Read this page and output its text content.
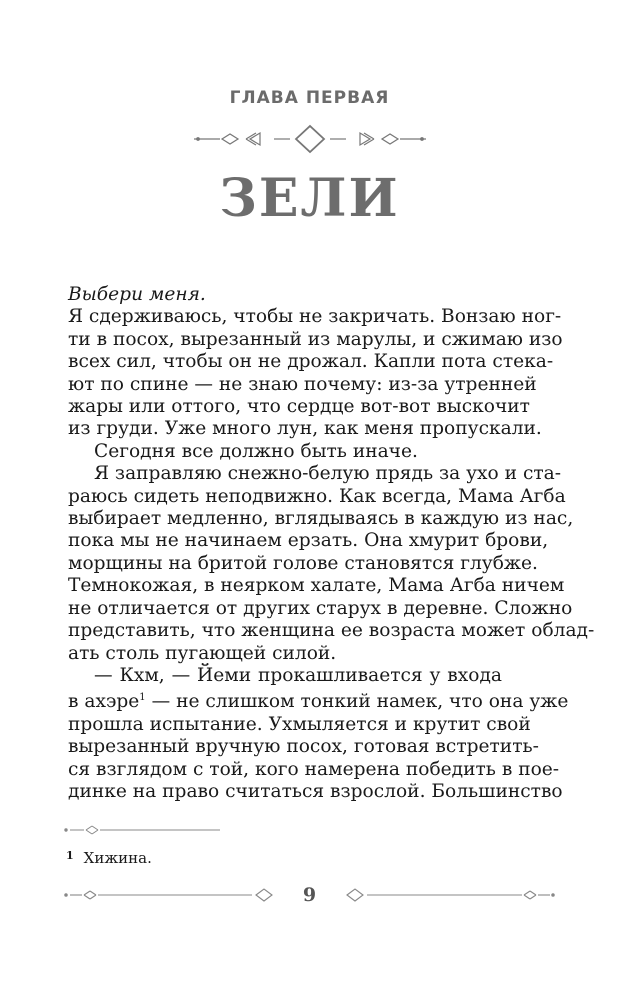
ГЛАВА ПЕРВАЯ
ЗЕЛИ

Выбери меня.

Я сдерживаюсь, чтобы не закричать. Вонзаю ног-
ти в посох, вырезанный из марулы, и сжимаю изо
всех сил, чтобы он не дрожал. Капли пота стека-
ют по спине — не знаю почему: из-за утренней
жары или оттого, что сердце вот-вот выскочит
из груди. Уже много лун, как меня пропускали.

Сегодня все должно быть иначе.

Я заправляю снежно-белую прядь за ухо и ста-
раюсь сидеть неподвижно. Как всегда, Мама Агба
выбирает медленно, вглядываясь в каждую из нас,
пока мы не начинаем ерзать. Она хмурит брови,
морщины на бритой голове становятся глубже.
Темнокожая, в неярком халате, Мама Агба ничем
не отличается от других старух в деревне. Сложно
представить, что женщина ее возраста может облад-
ать столь пугающей силой.

— Кхм, — Йеми прокашливается у входа
в ахэре$^1$ — не слишком тонкий намек, что она уже
прошла испытание. Ухмыляется и крутит свой
вырезанный вручную посох, готовая встретить-
ся взглядом с той, кого намерена победить в пое-
динке на право считаться взрослой. Большинство

$^1$ Хижина.
9
